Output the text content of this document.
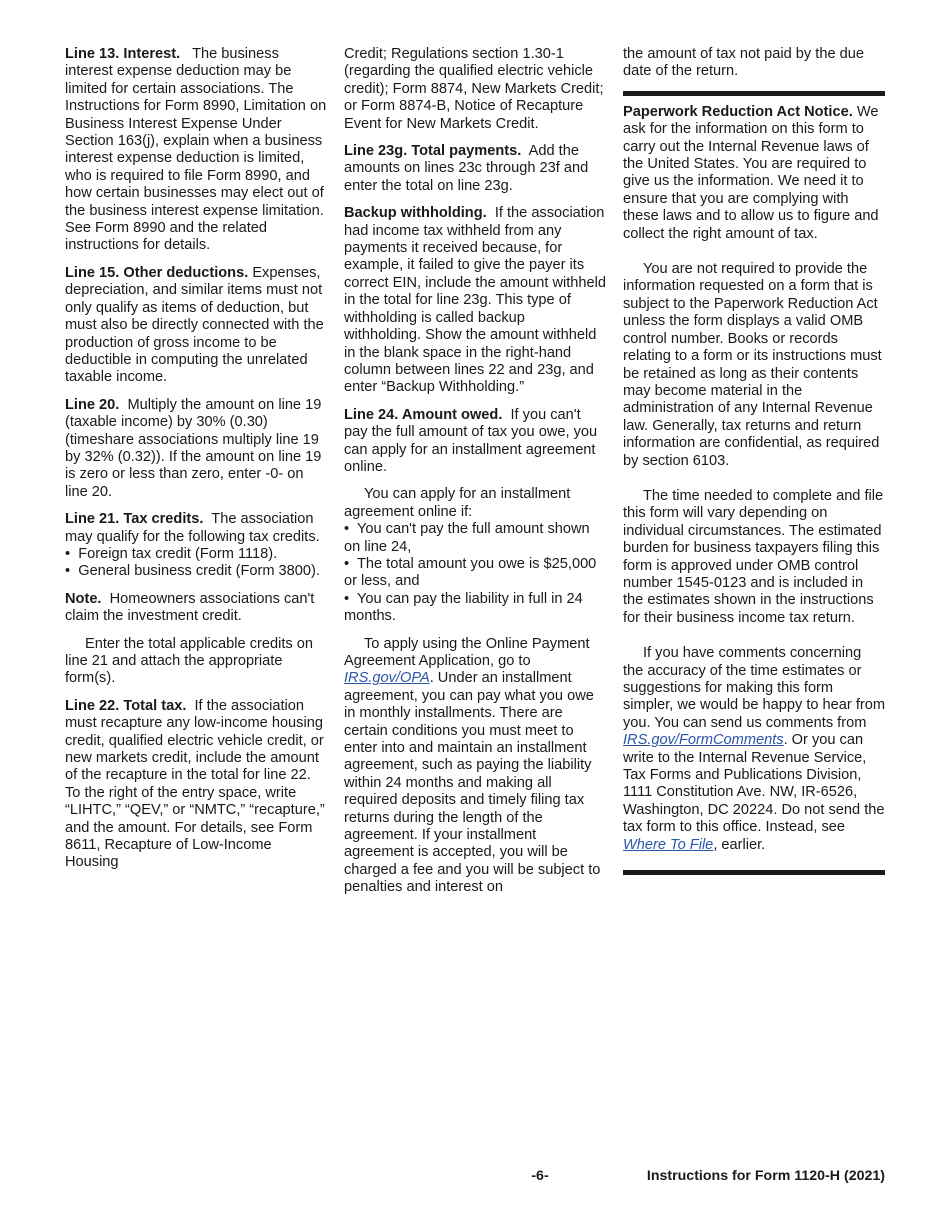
Line 13. Interest. The business interest expense deduction may be limited for certain associations. The Instructions for Form 8990, Limitation on Business Interest Expense Under Section 163(j), explain when a business interest expense deduction is limited, who is required to file Form 8990, and how certain businesses may elect out of the business interest expense limitation. See Form 8990 and the related instructions for details.

Line 15. Other deductions. Expenses, depreciation, and similar items must not only qualify as items of deduction, but must also be directly connected with the production of gross income to be deductible in computing the unrelated taxable income.

Line 20. Multiply the amount on line 19 (taxable income) by 30% (0.30) (timeshare associations multiply line 19 by 32% (0.32)). If the amount on line 19 is zero or less than zero, enter -0- on line 20.

Line 21. Tax credits. The association may qualify for the following tax credits.

•  Foreign tax credit (Form 1118).

•  General business credit (Form 3800).

Note. Homeowners associations can't claim the investment credit.

Enter the total applicable credits on line 21 and attach the appropriate form(s).

Line 22. Total tax. If the association must recapture any low-income housing credit, qualified electric vehicle credit, or new markets credit, include the amount of the recapture in the total for line 22. To the right of the entry space, write “LIHTC,” “QEV,” or “NMTC,” “recapture,” and the amount. For details, see Form 8611, Recapture of Low-Income Housing

Credit; Regulations section 1.30-1 (regarding the qualified electric vehicle credit); Form 8874, New Markets Credit; or Form 8874-B, Notice of Recapture Event for New Markets Credit.

Line 23g. Total payments. Add the amounts on lines 23c through 23f and enter the total on line 23g.

Backup withholding. If the association had income tax withheld from any payments it received because, for example, it failed to give the payer its correct EIN, include the amount withheld in the total for line 23g. This type of withholding is called backup withholding. Show the amount withheld in the blank space in the right-hand column between lines 22 and 23g, and enter “Backup Withholding.”

Line 24. Amount owed. If you can't pay the full amount of tax you owe, you can apply for an installment agreement online.

You can apply for an installment agreement online if:

•  You can't pay the full amount shown on line 24,

•  The total amount you owe is $25,000 or less, and

•  You can pay the liability in full in 24 months.

To apply using the Online Payment Agreement Application, go to IRS.gov/OPA. Under an installment agreement, you can pay what you owe in monthly installments. There are certain conditions you must meet to enter into and maintain an installment agreement, such as paying the liability within 24 months and making all required deposits and timely filing tax returns during the length of the agreement. If your installment agreement is accepted, you will be charged a fee and you will be subject to penalties and interest on

the amount of tax not paid by the due date of the return.

Paperwork Reduction Act Notice. We ask for the information on this form to carry out the Internal Revenue laws of the United States. You are required to give us the information. We need it to ensure that you are complying with these laws and to allow us to figure and collect the right amount of tax.

You are not required to provide the information requested on a form that is subject to the Paperwork Reduction Act unless the form displays a valid OMB control number. Books or records relating to a form or its instructions must be retained as long as their contents may become material in the administration of any Internal Revenue law. Generally, tax returns and return information are confidential, as required by section 6103.

The time needed to complete and file this form will vary depending on individual circumstances. The estimated burden for business taxpayers filing this form is approved under OMB control number 1545-0123 and is included in the estimates shown in the instructions for their business income tax return.

If you have comments concerning the accuracy of the time estimates or suggestions for making this form simpler, we would be happy to hear from you. You can send us comments from IRS.gov/FormComments. Or you can write to the Internal Revenue Service, Tax Forms and Publications Division, 1111 Constitution Ave. NW, IR-6526, Washington, DC 20224. Do not send the tax form to this office. Instead, see Where To File, earlier.

-6-	Instructions for Form 1120-H (2021)
